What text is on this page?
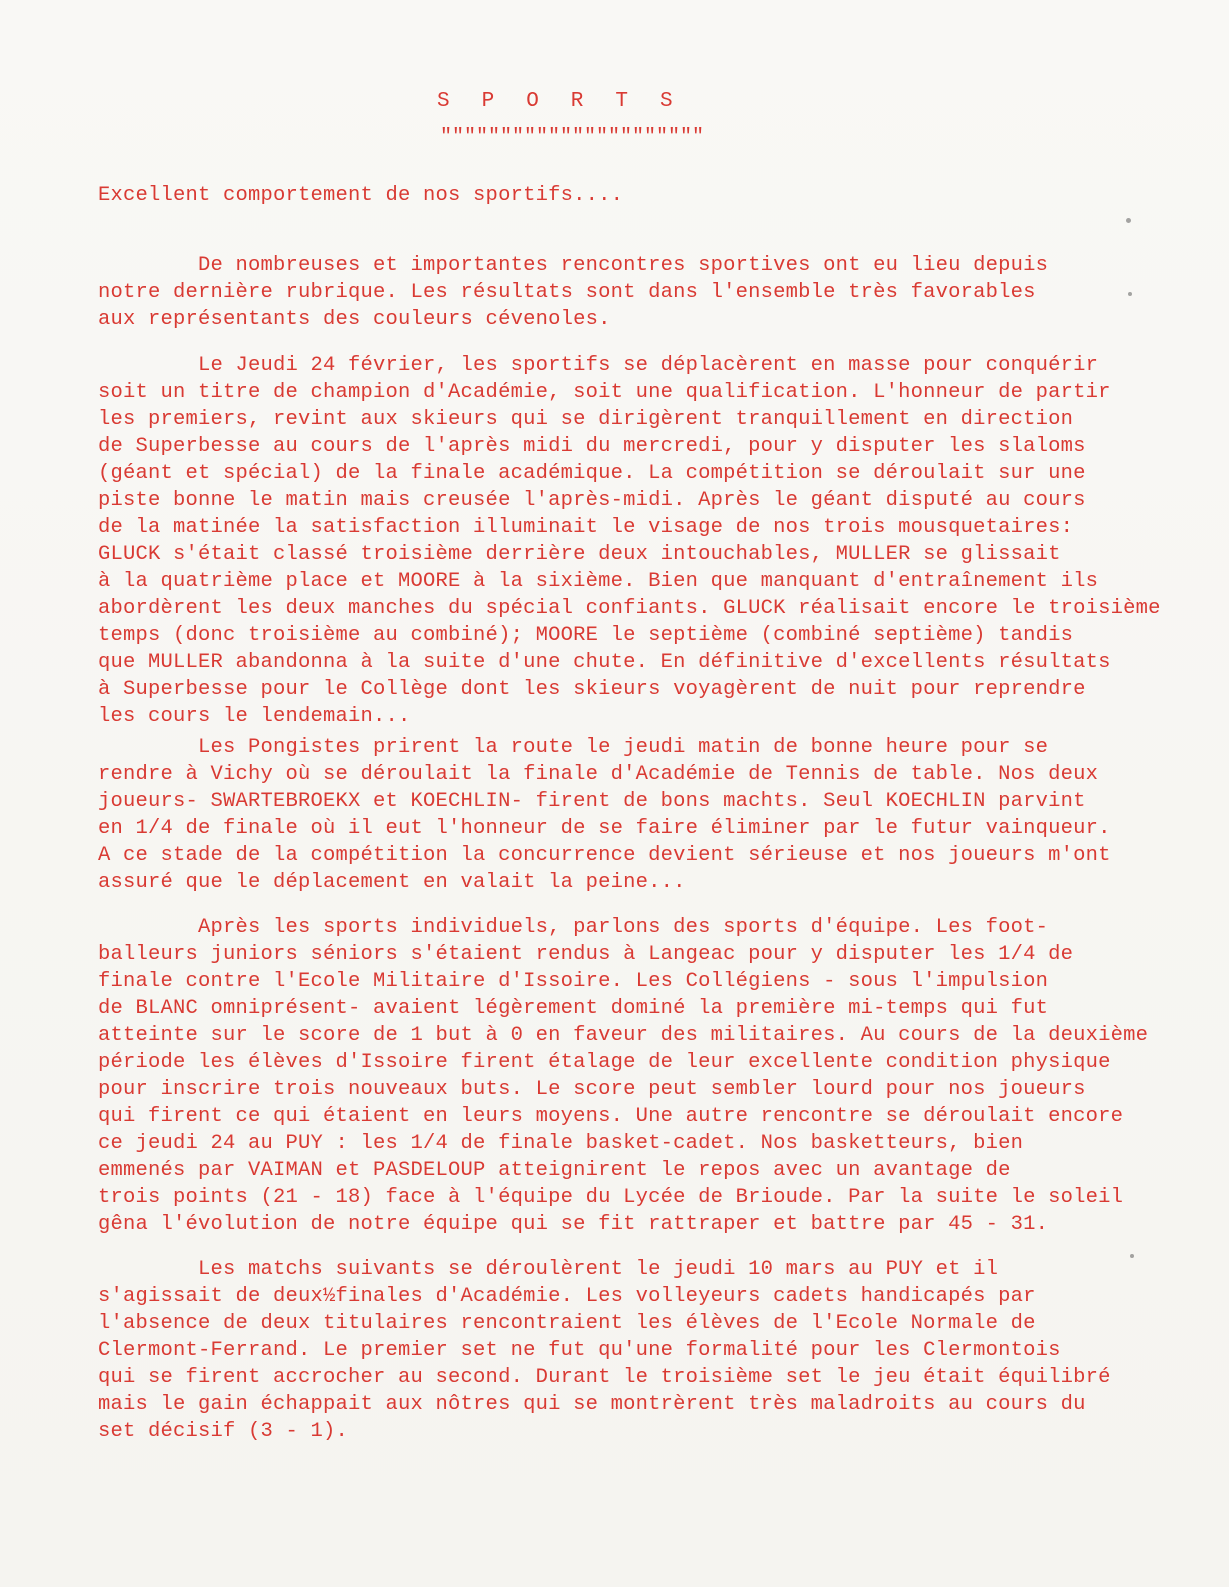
SPORTS
""""""""""""""""""""""
Excellent comportement de nos sportifs....
De nombreuses et importantes rencontres sportives ont eu lieu depuis
notre dernière rubrique. Les résultats sont dans l'ensemble très favorables
aux représentants des couleurs cévenoles.
Le Jeudi 24 février, les sportifs se déplacèrent en masse pour conquérir
soit un titre de champion d'Académie, soit une qualification. L'honneur de partir
les premiers, revint aux skieurs qui se dirigèrent tranquillement en direction
de Superbesse au cours de l'après midi du mercredi, pour y disputer les slaloms
(géant et spécial) de la finale académique. La compétition se déroulait sur une
piste bonne le matin mais creusée l'après-midi. Après le géant disputé au cours
de la matinée la satisfaction illuminait le visage de nos trois mousquetaires:
GLUCK s'était classé troisième derrière deux intouchables, MULLER se glissait
à la quatrième place et MOORE à la sixième. Bien que manquant d'entraînement ils
abordèrent les deux manches du spécial confiants. GLUCK réalisait encore le troisième
temps (donc troisième au combiné); MOORE le septième (combiné septième) tandis
que MULLER abandonna à la suite d'une chute. En définitive d'excellents résultats
à Superbesse pour le Collège dont les skieurs voyagèrent de nuit pour reprendre
les cours le lendemain...
Les Pongistes prirent la route le jeudi matin de bonne heure pour se
rendre à Vichy où se déroulait la finale d'Académie de Tennis de table. Nos deux
joueurs- SWARTEBROEKX et KOECHLIN- firent de bons machts. Seul KOECHLIN parvint
en 1/4 de finale où il eut l'honneur de se faire éliminer par le futur vainqueur.
A ce stade de la compétition la concurrence devient sérieuse et nos joueurs m'ont
assuré que le déplacement en valait la peine...
Après les sports individuels, parlons des sports d'équipe. Les foot-
balleurs juniors séniors s'étaient rendus à Langeac pour y disputer les 1/4 de
finale contre l'Ecole Militaire d'Issoire. Les Collégiens - sous l'impulsion
de BLANC omniprésent- avaient légèrement dominé la première mi-temps qui fut
atteinte sur le score de 1 but à 0 en faveur des militaires. Au cours de la deuxième
période les élèves d'Issoire firent étalage de leur excellente condition physique
pour inscrire trois nouveaux buts. Le score peut sembler lourd pour nos joueurs
qui firent ce qui étaient en leurs moyens. Une autre rencontre se déroulait encore
ce jeudi 24 au PUY : les 1/4 de finale basket-cadet. Nos basketteurs, bien
emmenés par VAIMAN et PASDELOUP atteignirent le repos avec un avantage de
trois points (21 - 18) face à l'équipe du Lycée de Brioude. Par la suite le soleil
gêna l'évolution de notre équipe qui se fit rattraper et battre par 45 - 31.
Les matchs suivants se déroulèrent le jeudi 10 mars au PUY et il
s'agissait de deux½finales d'Académie. Les volleyeurs cadets handicapés par
l'absence de deux titulaires rencontraient les élèves de l'Ecole Normale de
Clermont-Ferrand. Le premier set ne fut qu'une formalité pour les Clermontois
qui se firent accrocher au second. Durant le troisième set le jeu était équilibré
mais le gain échappait aux nôtres qui se montrèrent très maladroits au cours du
set décisif (3 - 1).
